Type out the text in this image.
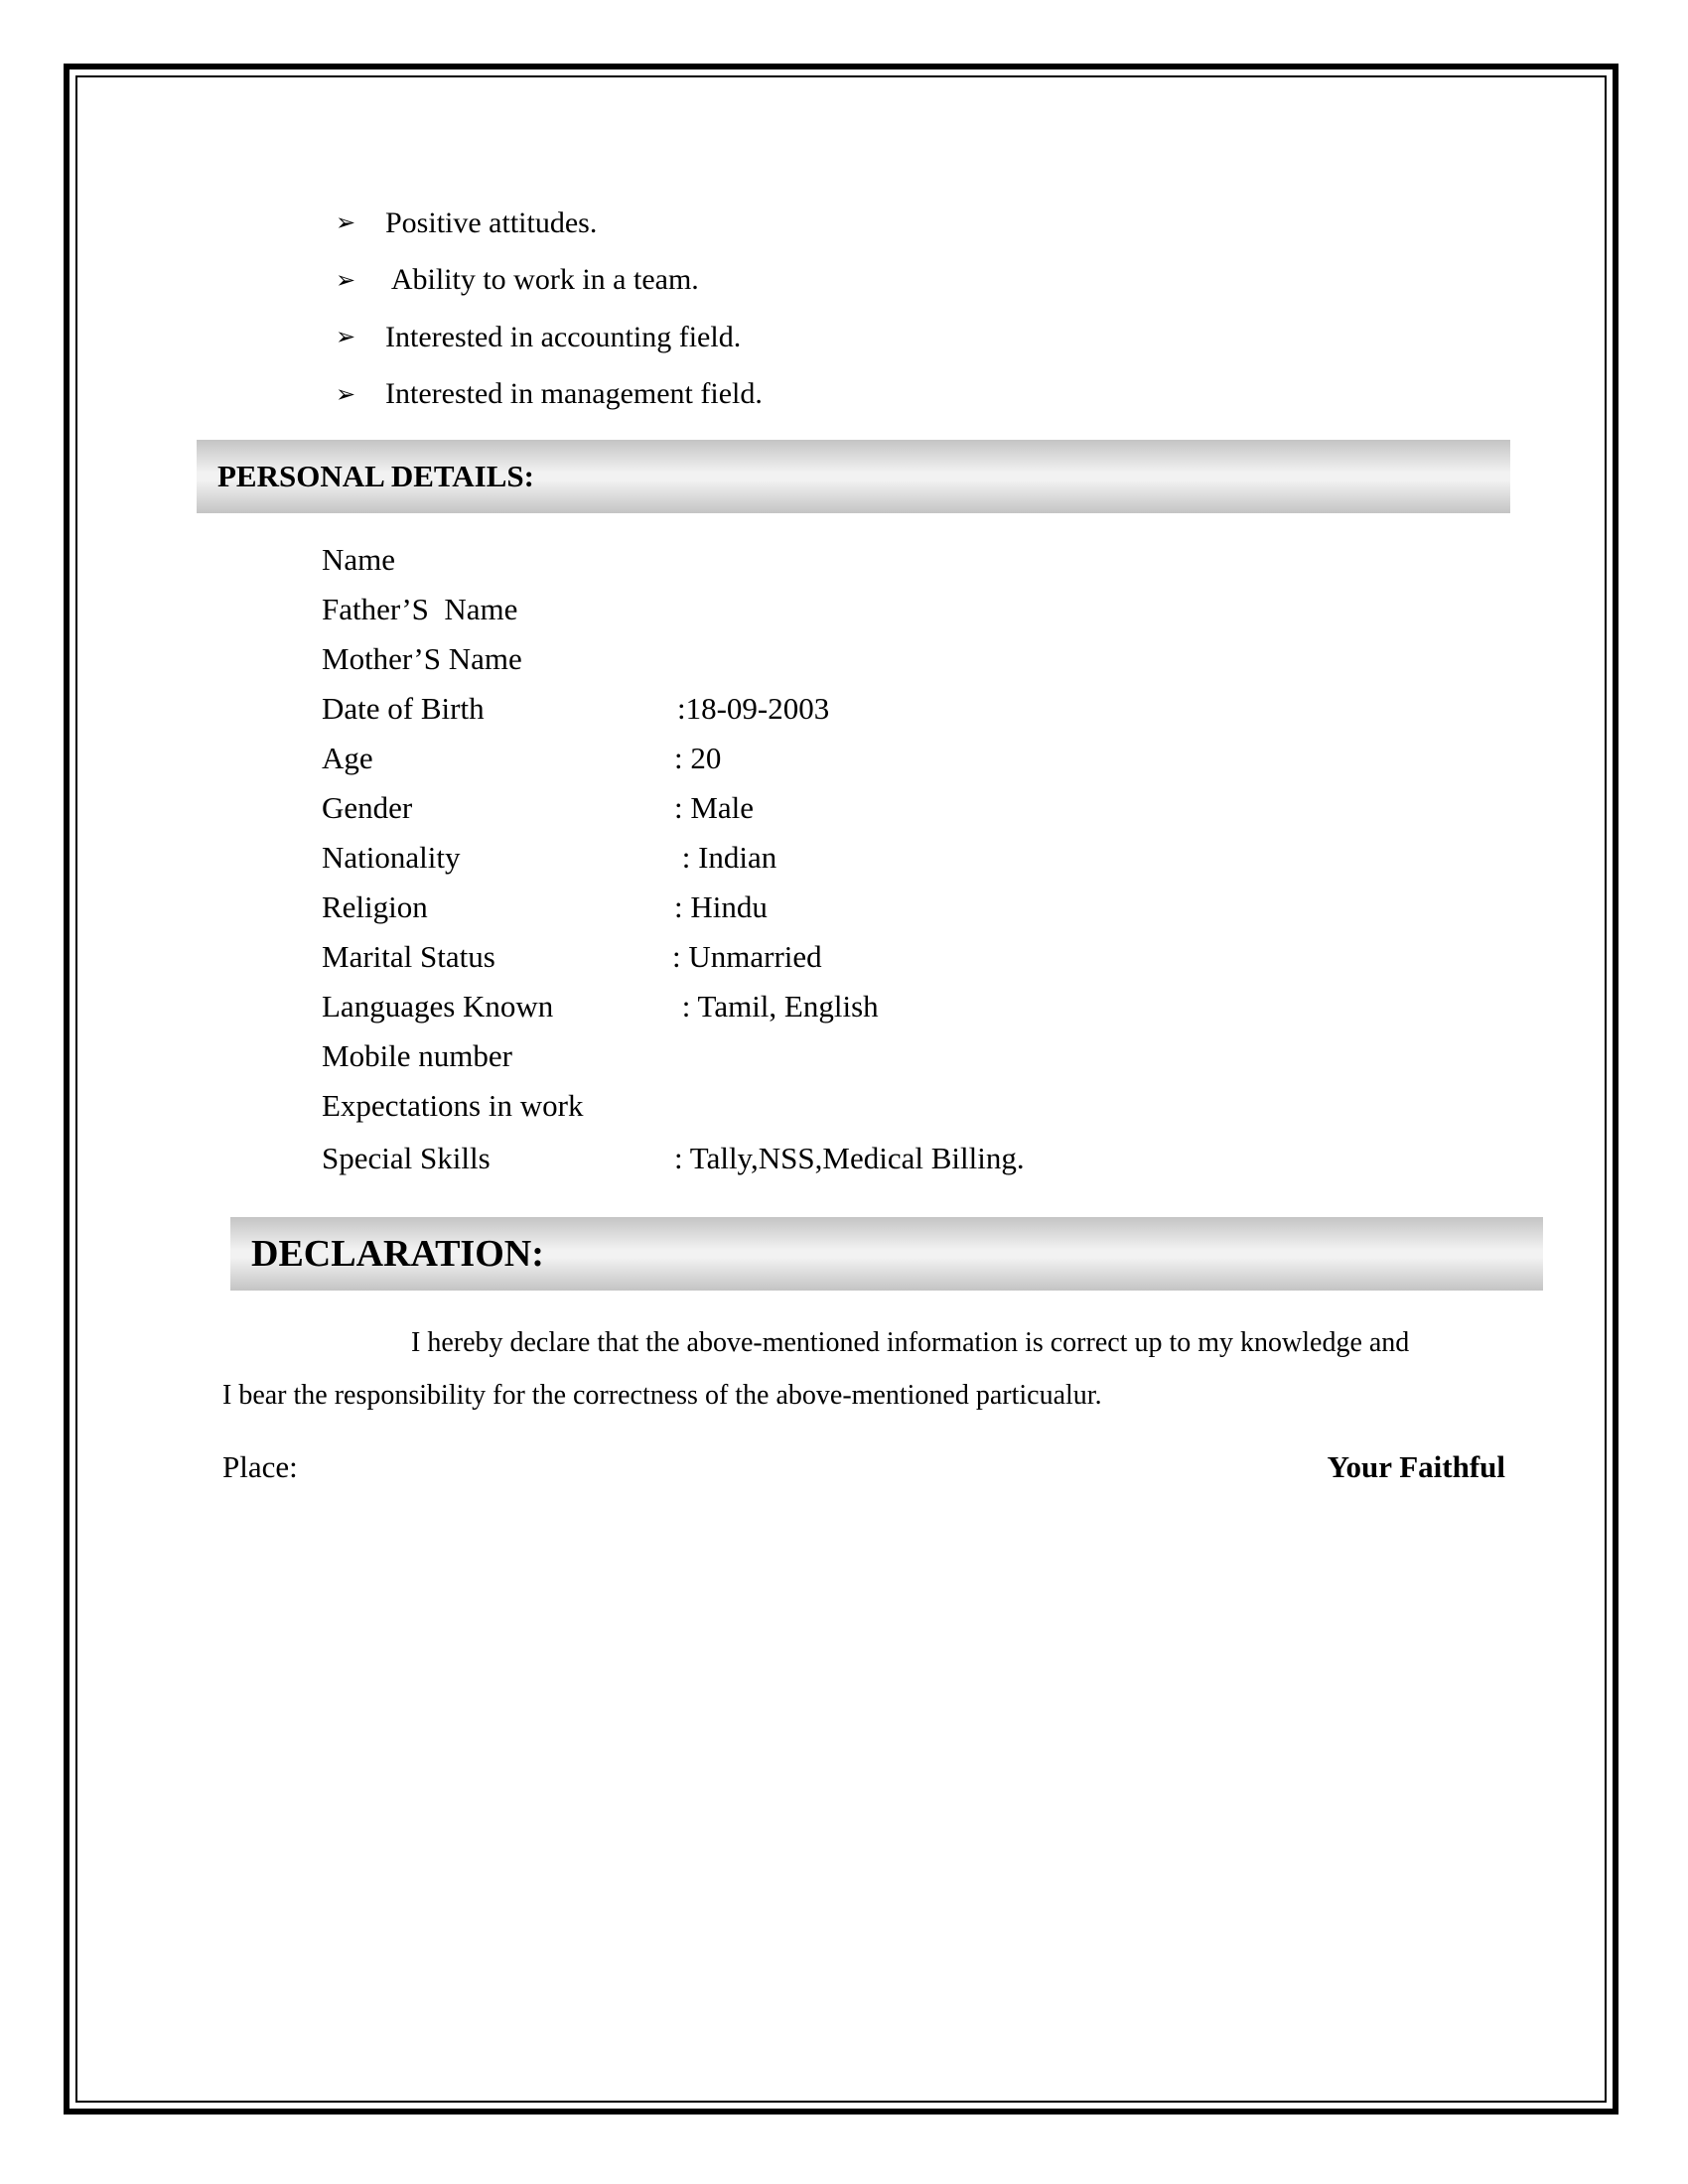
➢ Positive attitudes.
➢ Ability to work in a team.
➢ Interested in accounting field.
➢ Interested in management field.
PERSONAL DETAILS:
Name
Father’S  Name
Mother’S Name
Date of Birth	:18-09-2003
Age	: 20
Gender	: Male
Nationality	: Indian
Religion	: Hindu
Marital Status	: Unmarried
Languages Known	: Tamil, English
Mobile number
Expectations in work
Special Skills	: Tally,NSS,Medical Billing.
DECLARATION:
I hereby declare that the above-mentioned information is correct up to my knowledge and
I bear the responsibility for the correctness of the above-mentioned particualur.
Place:	Your Faithful
